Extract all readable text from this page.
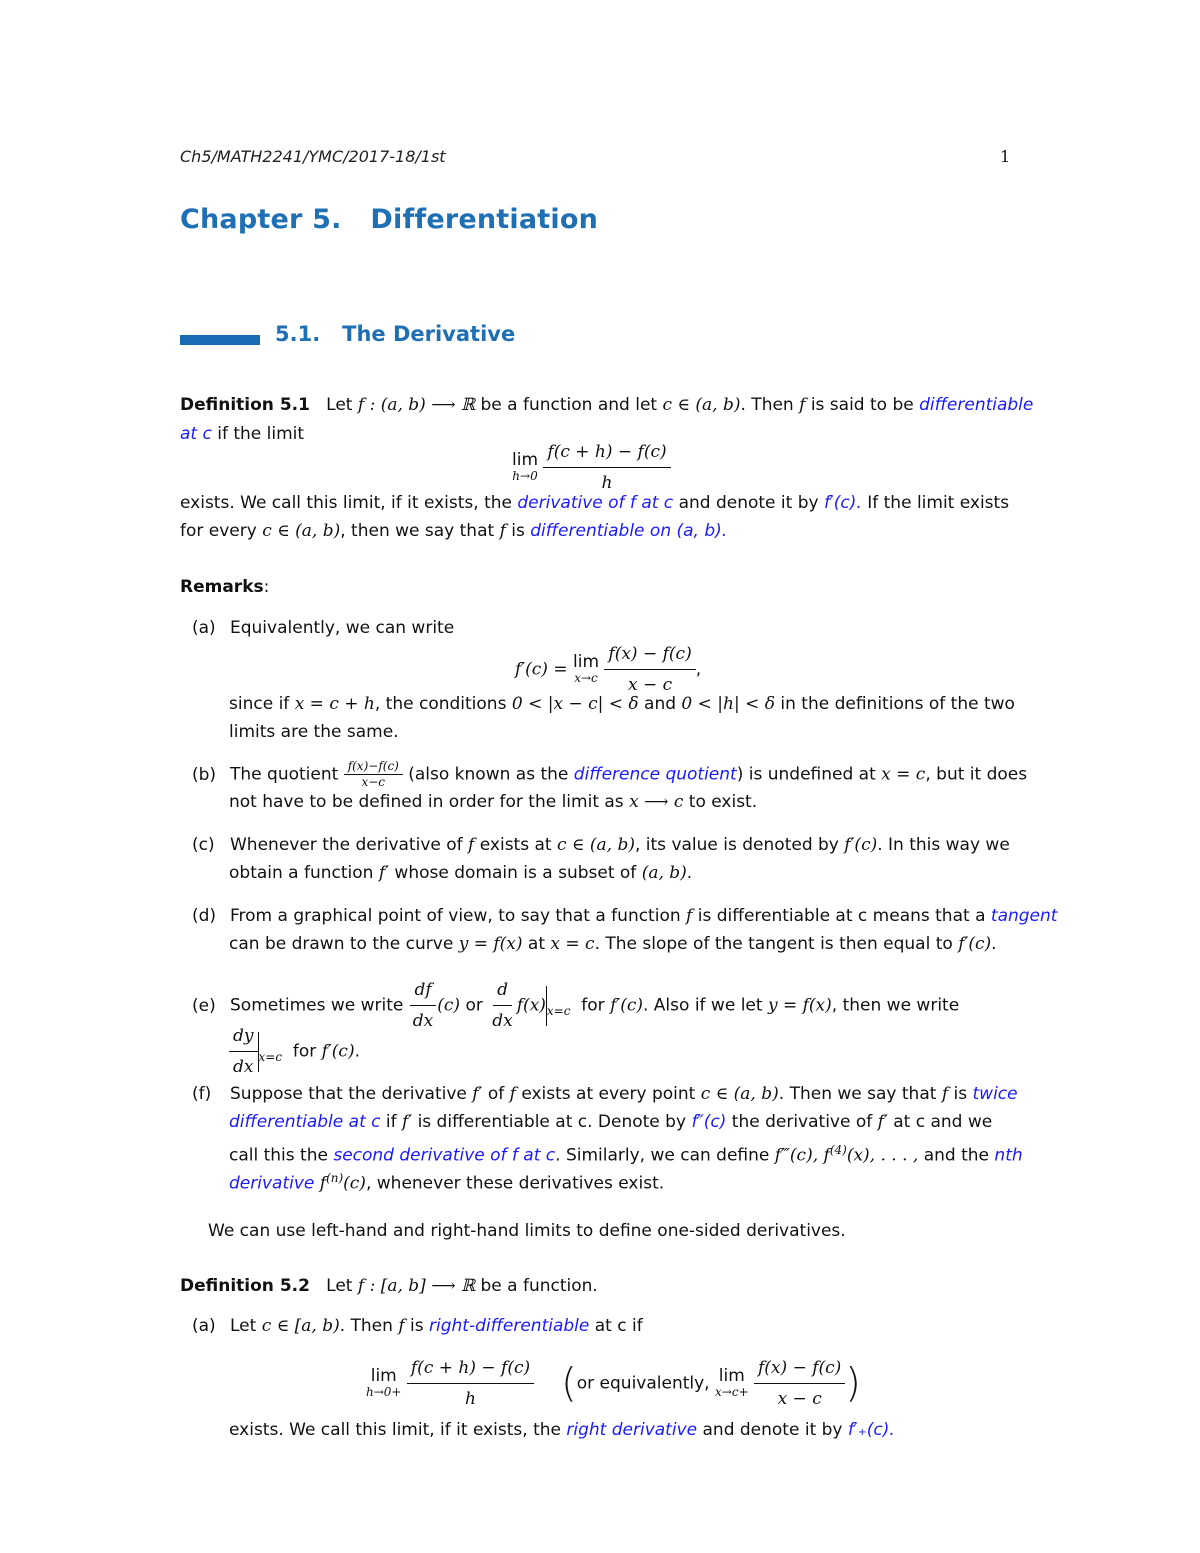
Ch5/MATH2241/YMC/2017-18/1st	1
Chapter 5. Differentiation
5.1. The Derivative
Definition 5.1 Let f : (a, b) ⟶ ℝ be a function and let c ∈ (a, b). Then f is said to be differentiable
at c if the limit
lim
h→0
$\frac{f(c + h) - f(c)}{h}$
exists. We call this limit, if it exists, the derivative of f at c and denote it by f′(c). If the limit exists
for every c ∈ (a, b), then we say that f is differentiable on (a, b).
Remarks:
(a) Equivalently, we can write
f′(c) = lim
x→c
$\frac{f(x) - f(c)}{x - c}$ ,
since if x = c + h, the conditions 0 < |x − c| < δ and 0 < |h| < δ in the definitions of the two
limits are the same.
(b) The quotient $\frac{f(x)-f(c)}{x-c}$ (also known as the difference quotient) is undefined at x = c, but it does
not have to be defined in order for the limit as x ⟶ c to exist.
(c) Whenever the derivative of f exists at c ∈ (a, b), its value is denoted by f′(c). In this way we
obtain a function f′ whose domain is a subset of (a, b).
(d) From a graphical point of view, to say that a function f is differentiable at c means that a tangent
can be drawn to the curve y = f(x) at x = c. The slope of the tangent is then equal to f′(c).
(e) Sometimes we write $\frac{df}{dx} (c)$ or $\frac{d}{dx} f(x)_{x=c}$ for f′(c). Also if we let y = f(x), then we write
$\frac{dy}{dx} _{x=c}$ for f′(c).
(f) Suppose that the derivative f′ of f exists at every point c ∈ (a, b). Then we say that f is twice
differentiable at c if f′ is differentiable at c. Denote by f″(c) the derivative of f′ at c and we
call this the second derivative of f at c. Similarly, we can define f‴(c), $f^{(4)}(x)$, . . . , and the nth
derivative $f^{(n)}(c)$, whenever these derivatives exist.
We can use left-hand and right-hand limits to define one-sided derivatives.
Definition 5.2 Let f : [a, b] ⟶ ℝ be a function.
(a) Let c ∈ [a, b). Then f is right-differentiable at c if
lim
h→0+
$\frac{f(c + h) - f(c)}{h} (or$ equivalently, lim
x→c+
$\frac{f(x) - f(c)}{x - c}$ )
exists. We call this limit, if it exists, the right derivative and denote it by f′₊(c).
